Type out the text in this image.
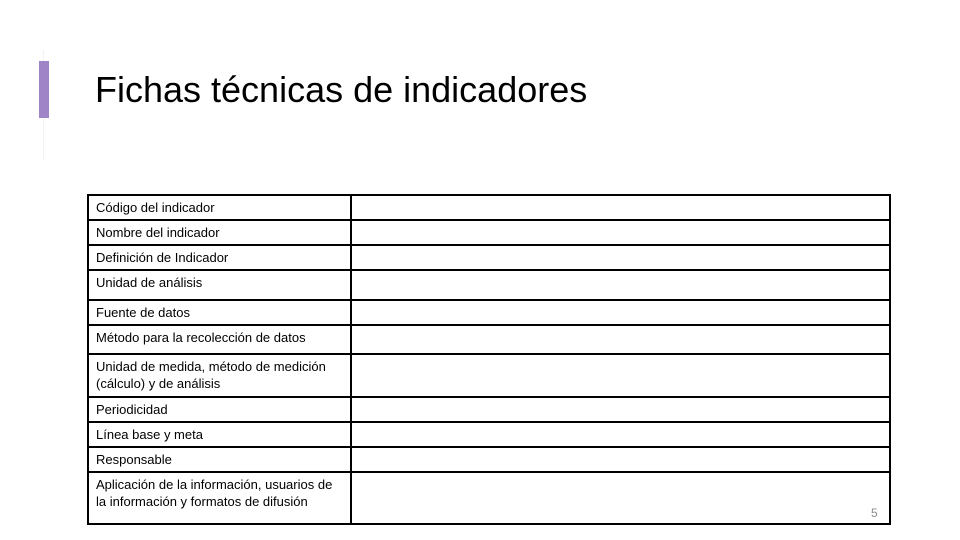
Fichas técnicas de indicadores
Código del indicador	
Nombre del indicador	
Definición de Indicador	
Unidad de análisis	
Fuente de datos	
Método para la recolección de datos	
Unidad de medida, método de medición (cálculo) y de análisis	
Periodicidad	
Línea base y meta	
Responsable	
Aplicación de la información, usuarios de la información y formatos de difusión	
5
